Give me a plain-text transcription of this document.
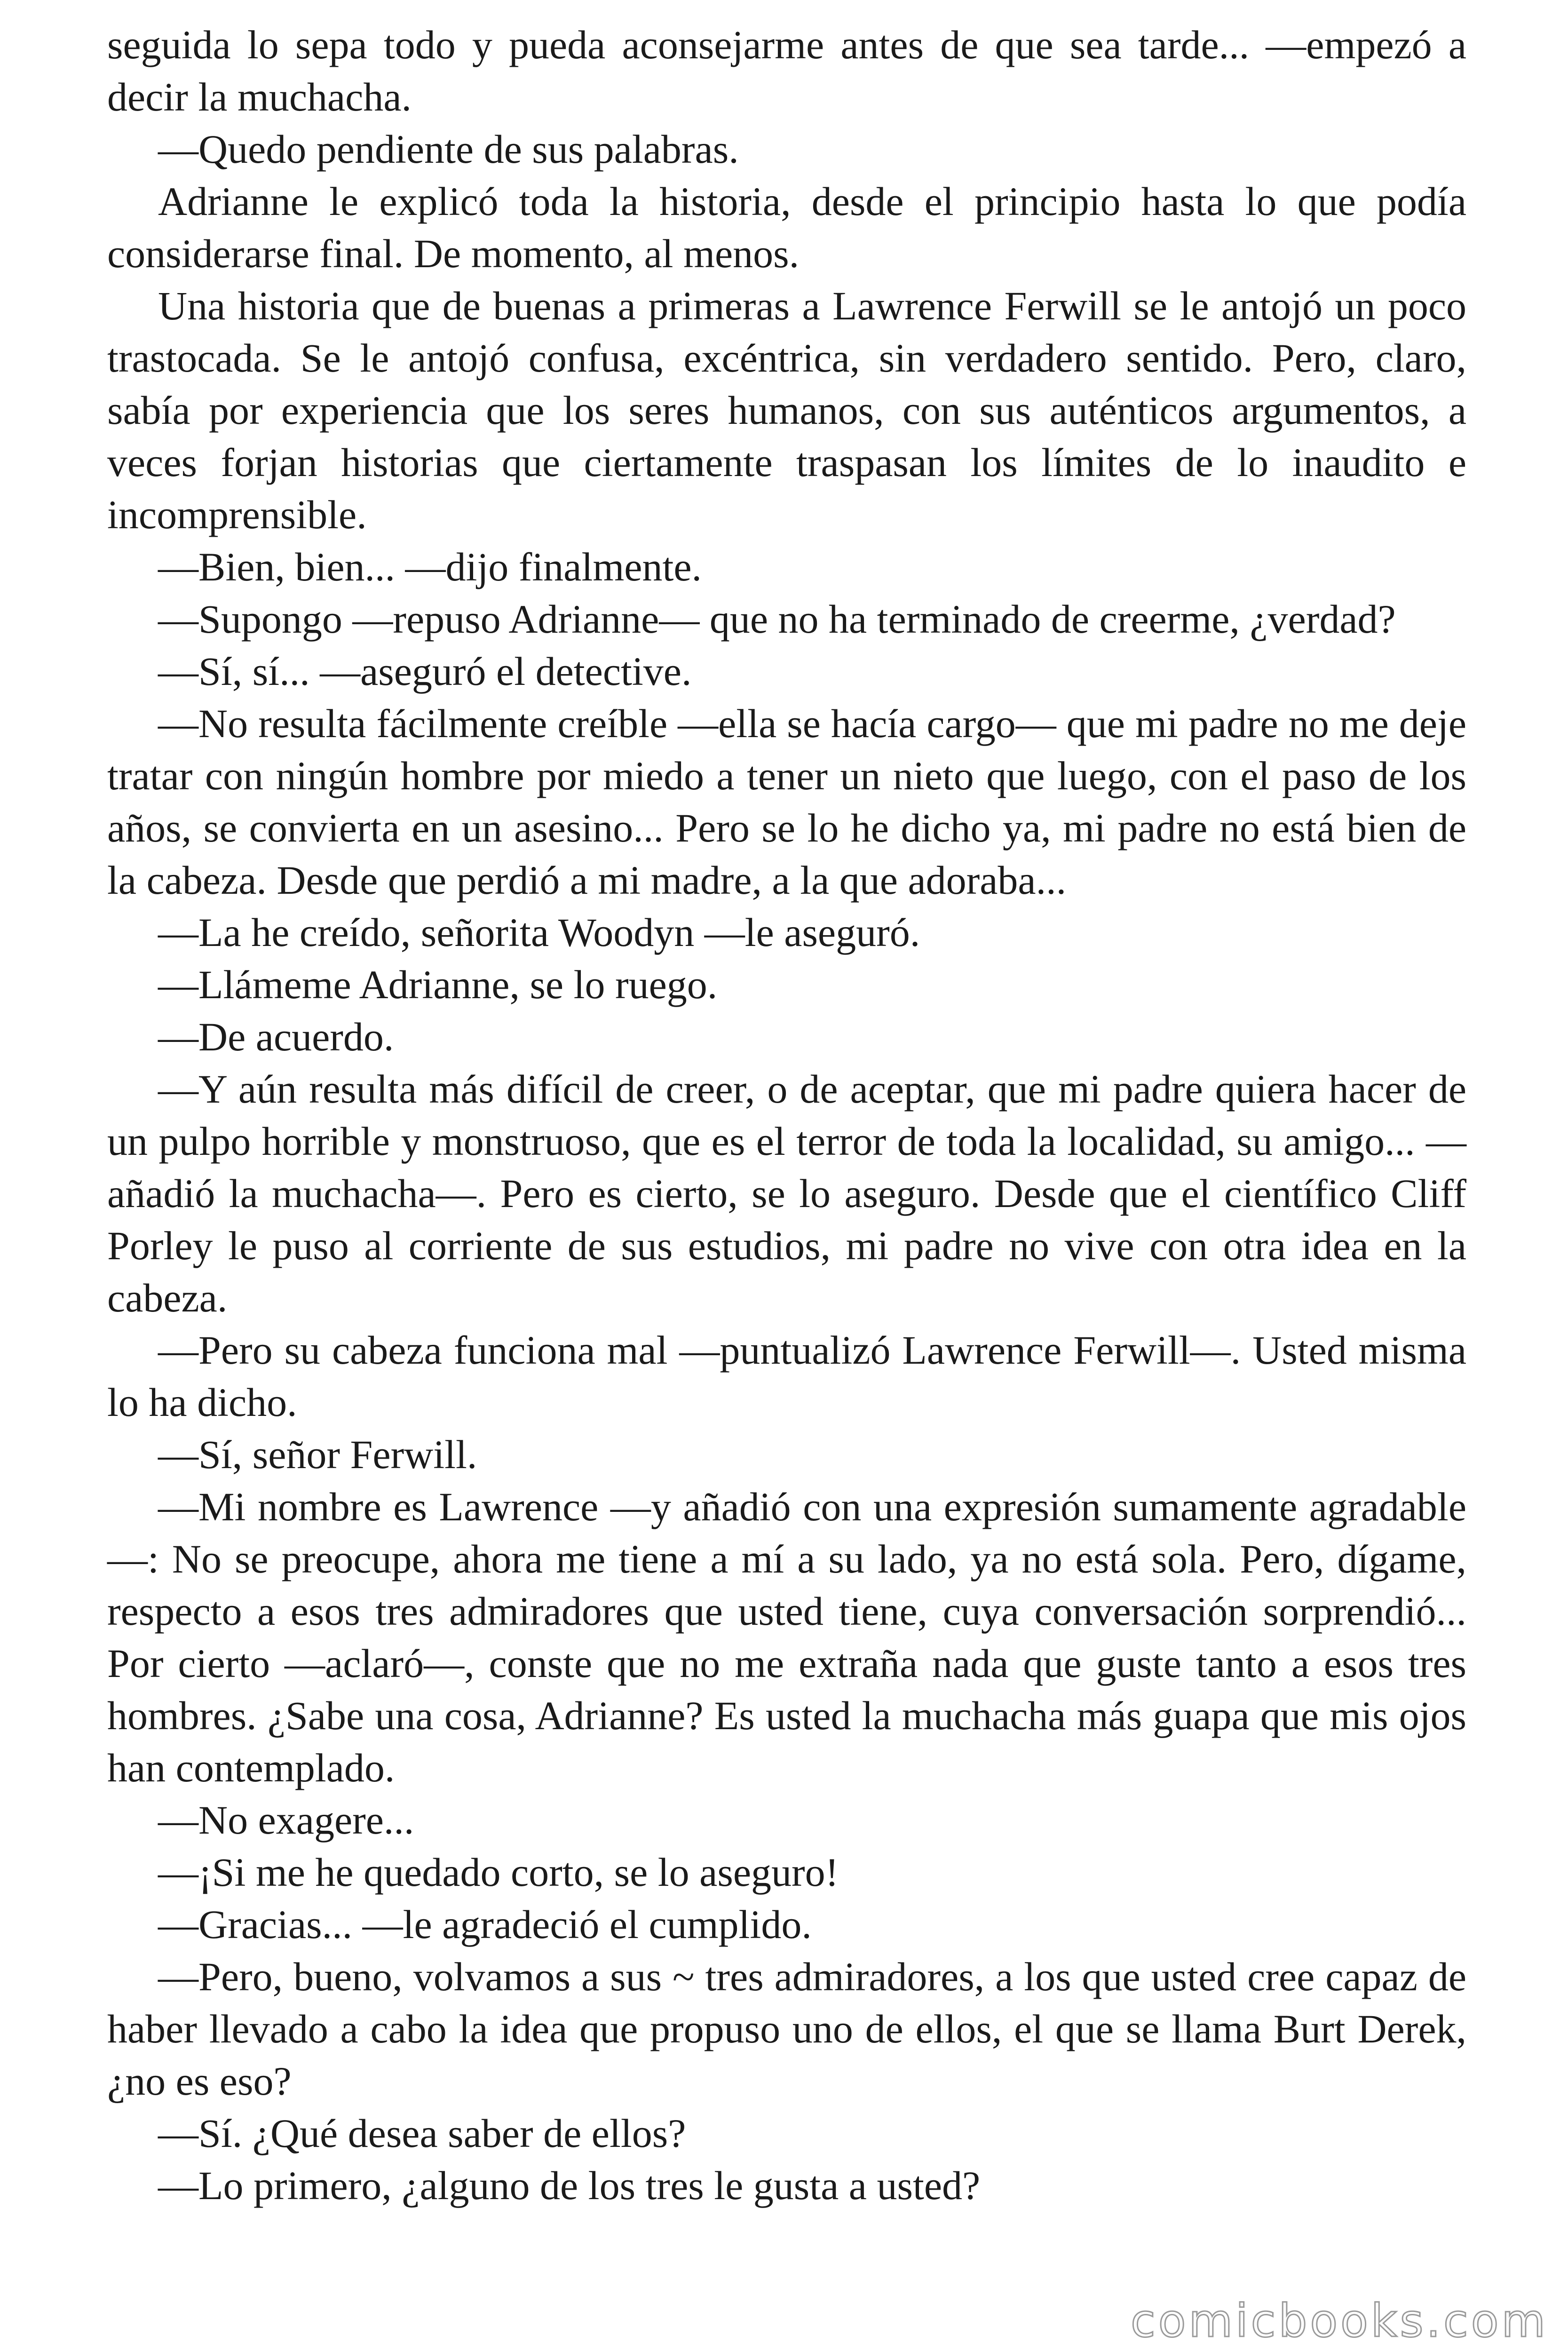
seguida lo sepa todo y pueda aconsejarme antes de que sea tarde... —empezó a decir la muchacha.

—Quedo pendiente de sus palabras.

Adrianne le explicó toda la historia, desde el principio hasta lo que podía considerarse final. De momento, al menos.

Una historia que de buenas a primeras a Lawrence Ferwill se le antojó un poco trastocada. Se le antojó confusa, excéntrica, sin verdadero sentido. Pero, claro, sabía por experiencia que los seres humanos, con sus auténticos argumentos, a veces forjan historias que ciertamente traspasan los límites de lo inaudito e incomprensible.

—Bien, bien... —dijo finalmente.

—Supongo —repuso Adrianne— que no ha terminado de creerme, ¿verdad?

—Sí, sí... —aseguró el detective.

—No resulta fácilmente creíble —ella se hacía cargo— que mi padre no me deje tratar con ningún hombre por miedo a tener un nieto que luego, con el paso de los años, se convierta en un asesino... Pero se lo he dicho ya, mi padre no está bien de la cabeza. Desde que perdió a mi madre, a la que adoraba...

—La he creído, señorita Woodyn —le aseguró.

—Llámeme Adrianne, se lo ruego.

—De acuerdo.

—Y aún resulta más difícil de creer, o de aceptar, que mi padre quiera hacer de un pulpo horrible y monstruoso, que es el terror de toda la localidad, su amigo... —añadió la muchacha—. Pero es cierto, se lo aseguro. Desde que el científico Cliff Porley le puso al corriente de sus estudios, mi padre no vive con otra idea en la cabeza.

—Pero su cabeza funciona mal —puntualizó Lawrence Ferwill—. Usted misma lo ha dicho.

—Sí, señor Ferwill.

—Mi nombre es Lawrence —y añadió con una expresión sumamente agradable—: No se preocupe, ahora me tiene a mí a su lado, ya no está sola. Pero, dígame, respecto a esos tres admiradores que usted tiene, cuya conversación sorprendió... Por cierto —aclaró—, conste que no me extraña nada que guste tanto a esos tres hombres. ¿Sabe una cosa, Adrianne? Es usted la muchacha más guapa que mis ojos han contemplado.

—No exagere...

—¡Si me he quedado corto, se lo aseguro!

—Gracias... —le agradeció el cumplido.

—Pero, bueno, volvamos a sus ~ tres admiradores, a los que usted cree capaz de haber llevado a cabo la idea que propuso uno de ellos, el que se llama Burt Derek, ¿no es eso?

—Sí. ¿Qué desea saber de ellos?

—Lo primero, ¿alguno de los tres le gusta a usted?

comicbooks.com
